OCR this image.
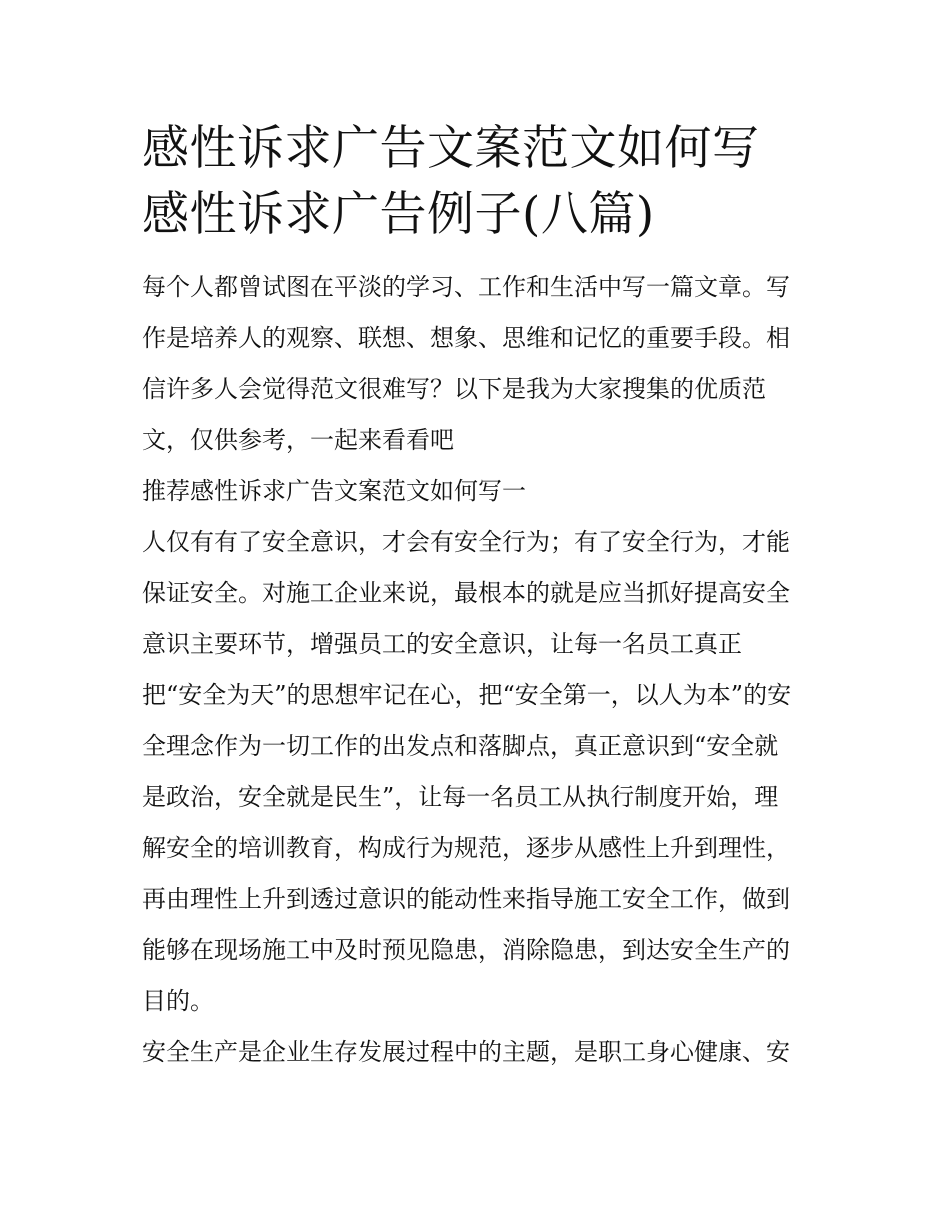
感性诉求广告文案范文如何写
感性诉求广告例子(八篇)
每个人都曾试图在平淡的学习、工作和生活中写一篇文章。写
作是培养人的观察、联想、想象、思维和记忆的重要手段。相
信许多人会觉得范文很难写？以下是我为大家搜集的优质范
文，仅供参考，一起来看看吧
推荐感性诉求广告文案范文如何写一
人仅有有了安全意识，才会有安全行为；有了安全行为，才能
保证安全。对施工企业来说，最根本的就是应当抓好提高安全
意识主要环节，增强员工的安全意识，让每一名员工真正
把“安全为天”的思想牢记在心，把“安全第一，以人为本”的安
全理念作为一切工作的出发点和落脚点，真正意识到“安全就
是政治，安全就是民生”，让每一名员工从执行制度开始，理
解安全的培训教育，构成行为规范，逐步从感性上升到理性，
再由理性上升到透过意识的能动性来指导施工安全工作，做到
能够在现场施工中及时预见隐患，消除隐患，到达安全生产的
目的。
安全生产是企业生存发展过程中的主题，是职工身心健康、安
